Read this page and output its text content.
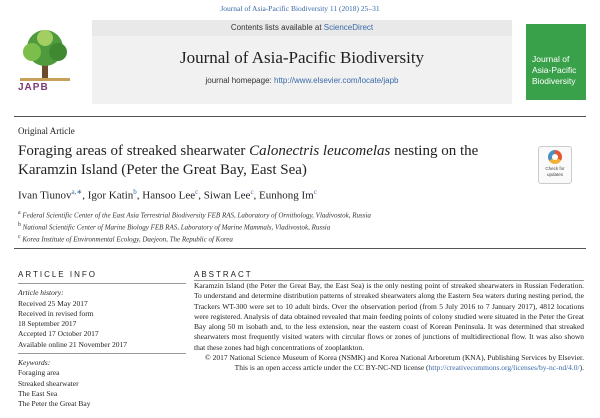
Journal of Asia-Pacific Biodiversity 11 (2018) 25–31
JAPB
Contents lists available at ScienceDirect
Journal of Asia-Pacific Biodiversity
journal homepage: http://www.elsevier.com/locate/japb
Journal of
Asia-Pacific
Biodiversity
Original Article
Foraging areas of streaked shearwater Calonectris leucomelas nesting on the Karamzin Island (Peter the Great Bay, East Sea)	Check for updates
Ivan Tiunov$^{a,∗}$, Igor Katin$^b$, Hansoo Lee$^c$, Siwan Lee$^c$, Eunhong Im$^c$
$^a$ Federal Scientific Center of the East Asia Terrestrial Biodiversity FEB RAS, Laboratory of Ornithology, Vladivostok, Russia
$^b$ National Scientific Center of Marine Biology FEB RAS, Laboratory of Marine Mammals, Vladivostok, Russia
$^c$ Korea Institute of Environmental Ecology, Daejeon, The Republic of Korea
ARTICLE INFO
Article history:
Received 25 May 2017
Received in revised form
18 September 2017
Accepted 17 October 2017
Available online 21 November 2017
Keywords:
Foraging area
Streaked shearwater
The East Sea
The Peter the Great Bay
ABSTRACT
Karamzin Island (the Peter the Great Bay, the East Sea) is the only nesting point of streaked shearwaters in Russian Federation. To understand and determine distribution patterns of streaked shearwaters along the Eastern Sea waters during nesting period, the Trackers WT-300 were set to 10 adult birds. Over the observation period (from 5 July 2016 to 7 January 2017), 4812 locations were registered. Analysis of data obtained revealed that main feeding points of colony studied were situated in the Peter the Great Bay along 50 m isobath and, to the less extension, near the eastern coast of Korean Peninsula. It was determined that streaked shearwaters most frequently visited waters with circular flows or zones of junctions of multidirectional flow. It was also shown that these zones had high concentrations of zooplankton.
© 2017 National Science Museum of Korea (NSMK) and Korea National Arboretum (KNA), Publishing Services by Elsevier. This is an open access article under the CC BY-NC-ND license (http://creativecommons.org/licenses/by-nc-nd/4.0/).
